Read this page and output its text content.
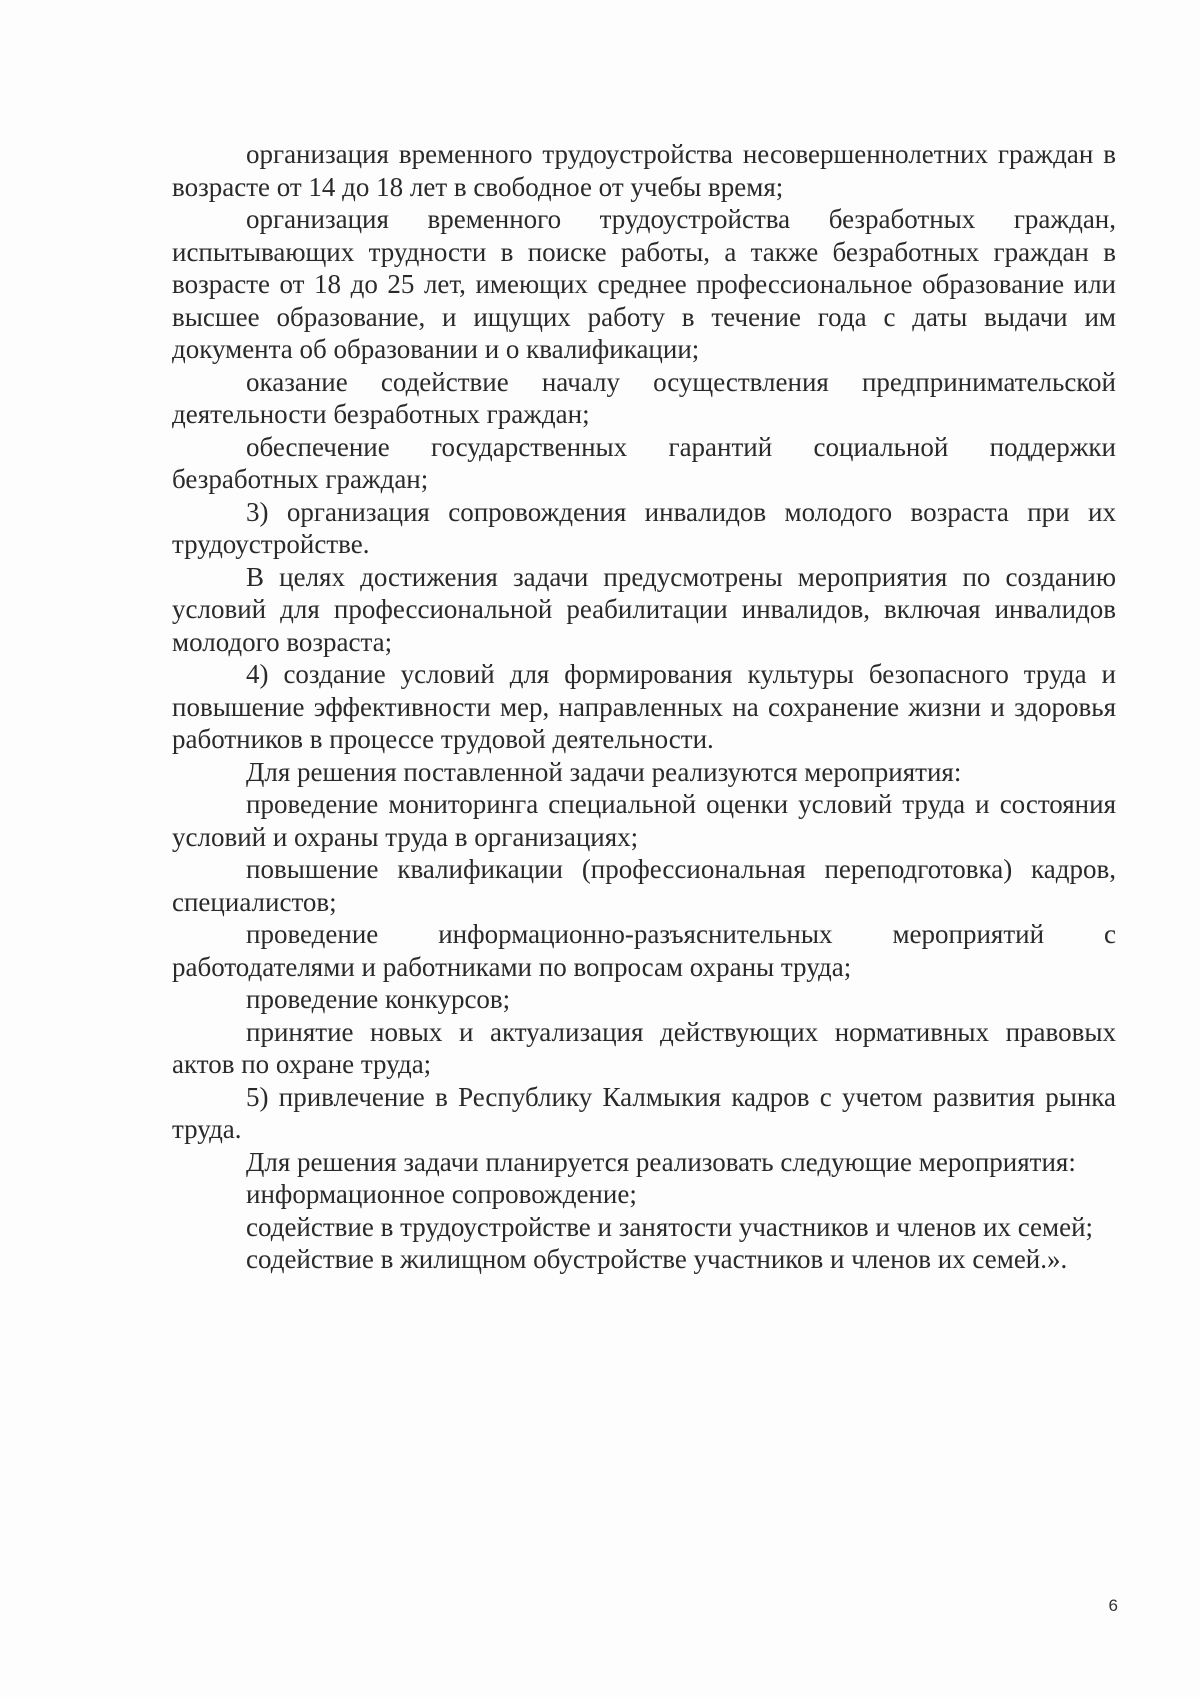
организация временного трудоустройства несовершеннолетних граждан в возрасте от 14 до 18 лет в свободное от учебы время;

организация временного трудоустройства безработных граждан, испытывающих трудности в поиске работы, а также безработных граждан в возрасте от 18 до 25 лет, имеющих среднее профессиональное образование или высшее образование, и ищущих работу в течение года с даты выдачи им документа об образовании и о квалификации;

оказание содействие началу осуществления предпринимательской деятельности безработных граждан;

обеспечение государственных гарантий социальной поддержки безработных граждан;

3) организация сопровождения инвалидов молодого возраста при их трудоустройстве.

В целях достижения задачи предусмотрены мероприятия по созданию условий для профессиональной реабилитации инвалидов, включая инвалидов молодого возраста;

4) создание условий для формирования культуры безопасного труда и повышение эффективности мер, направленных на сохранение жизни и здоровья работников в процессе трудовой деятельности.

Для решения поставленной задачи реализуются мероприятия:

проведение мониторинга специальной оценки условий труда и состояния условий и охраны труда в организациях;

повышение квалификации (профессиональная переподготовка) кадров, специалистов;

проведение информационно-разъяснительных мероприятий с работодателями и работниками по вопросам охраны труда;

проведение конкурсов;

принятие новых и актуализация действующих нормативных правовых актов по охране труда;

5) привлечение в Республику Калмыкия кадров с учетом развития рынка труда.

Для решения задачи планируется реализовать следующие мероприятия:

информационное сопровождение;

содействие в трудоустройстве и занятости участников и членов их семей;

содействие в жилищном обустройстве участников и членов их семей.».

6
